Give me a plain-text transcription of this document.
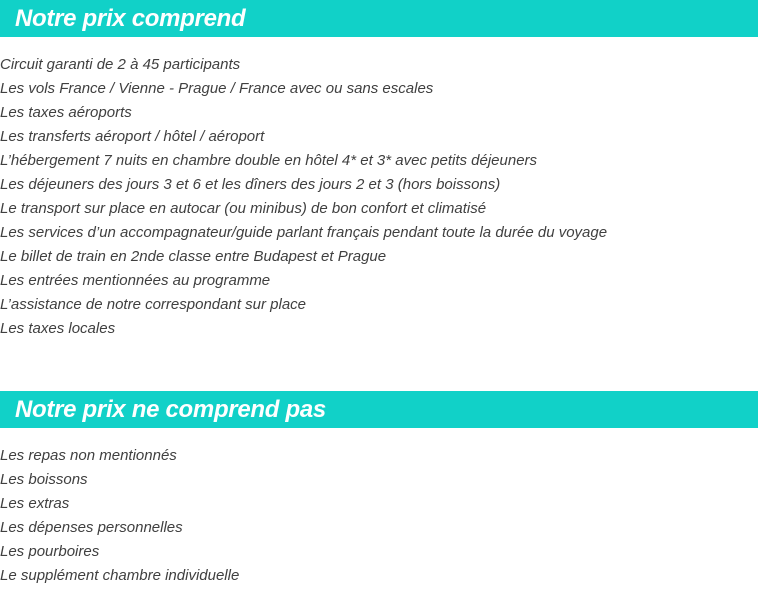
Notre prix comprend
Circuit garanti de 2 à 45 participants
Les vols France / Vienne - Prague / France avec ou sans escales
Les taxes aéroports
Les transferts aéroport / hôtel / aéroport
L’hébergement 7 nuits en chambre double en hôtel 4* et 3* avec petits déjeuners
Les déjeuners des jours 3 et 6 et les dîners des jours 2 et 3 (hors boissons)
Le transport sur place en autocar (ou minibus) de bon confort et climatisé
Les services d’un accompagnateur/guide parlant français pendant toute la durée du voyage
Le billet de train en 2nde classe entre Budapest et Prague
Les entrées mentionnées au programme
L’assistance de notre correspondant sur place
Les taxes locales
Notre prix ne comprend pas
Les repas non mentionnés
Les boissons
Les extras
Les dépenses personnelles
Les pourboires
Le supplément chambre individuelle
